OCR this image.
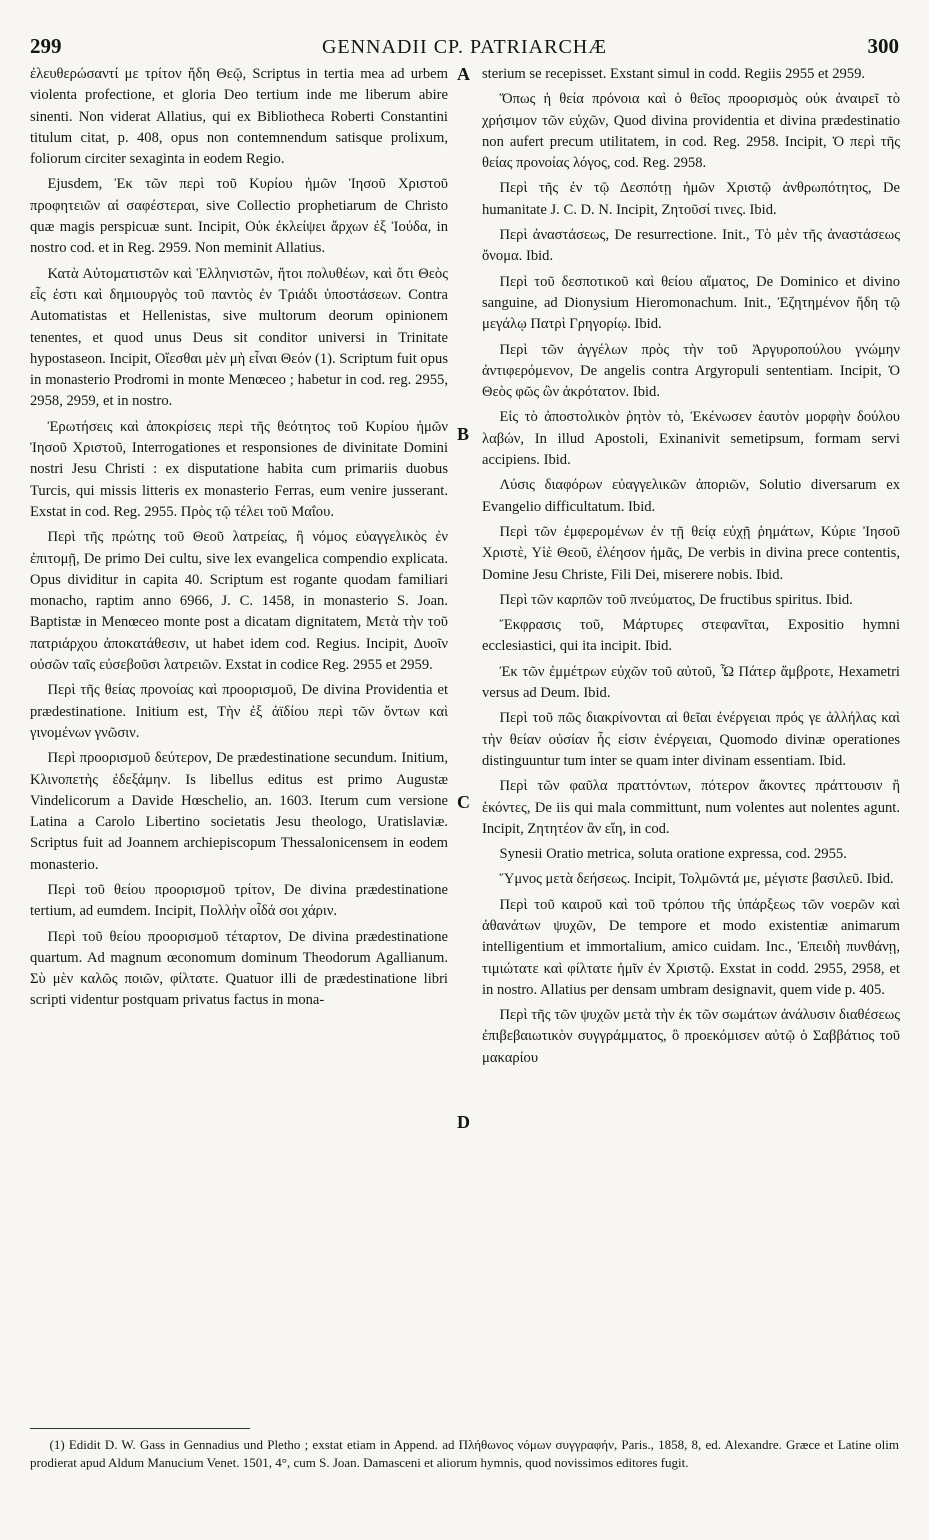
299	GENNADII CP. PATRIARCHÆ	300

ἐλευθερώσαντί με τρίτον ἤδη Θεῷ, Scriptus in tertia mea ad urbem violenta profectione, et gloria Deo tertium inde me liberum abire sinenti. Non viderat Allatius, qui ex Bibliotheca Roberti Constantini titulum citat, p. 408, opus non contemnendum satisque prolixum, foliorum circiter sexaginta in eodem Regio.

Ejusdem, Ἐκ τῶν περὶ τοῦ Κυρίου ἡμῶν Ἰησοῦ Χριστοῦ προφητειῶν αἱ σαφέστεραι, sive Collectio prophetiarum de Christo quæ magis perspicuæ sunt. Incipit, Οὐκ ἐκλείψει ἄρχων ἐξ Ἰούδα, in nostro cod. et in Reg. 2959. Non meminit Allatius.

Κατὰ Αὐτοματιστῶν καὶ Ἑλληνιστῶν, ἤτοι πολυθέων, καὶ ὅτι Θεὸς εἷς ἐστι καὶ δημιουργὸς τοῦ παντὸς ἐν Τριάδι ὑποστάσεων. Contra Automatistas et Hellenistas, sive multorum deorum opinionem tenentes, et quod unus Deus sit conditor universi in Trinitate hypostaseon. Incipit, Οἴεσθαι μὲν μὴ εἶναι Θεόν (1). Scriptum fuit opus in monasterio Prodromi in monte Menœceo ; habetur in cod. reg. 2955, 2958, 2959, et in nostro.

Ἐρωτήσεις καὶ ἀποκρίσεις περὶ τῆς θεότητος τοῦ Κυρίου ἡμῶν Ἰησοῦ Χριστοῦ, Interrogationes et responsiones de divinitate Domini nostri Jesu Christi : ex disputatione habita cum primariis duobus Turcis, qui missis litteris ex monasterio Ferras, eum venire jusserant. Exstat in cod. Reg. 2955. Πρὸς τῷ τέλει τοῦ Μαΐου.

Περὶ τῆς πρώτης τοῦ Θεοῦ λατρείας, ἢ νόμος εὐαγγελικὸς ἐν ἐπιτομῇ, De primo Dei cultu, sive lex evangelica compendio explicata. Opus dividitur in capita 40. Scriptum est rogante quodam familiari monacho, raptim anno 6966, J. C. 1458, in monasterio S. Joan. Baptistæ in Menœceo monte post a dicatam dignitatem, Μετὰ τὴν τοῦ πατριάρχου ἀποκατάθεσιν, ut habet idem cod. Regius. Incipit, Δυοῖν οὐσῶν ταῖς εὐσεβοῦσι λατρειῶν. Exstat in codice Reg. 2955 et 2959.

Περὶ τῆς θείας προνοίας καὶ προορισμοῦ, De divina Providentia et prædestinatione. Initium est, Τὴν ἐξ ἀϊδίου περὶ τῶν ὄντων καὶ γινομένων γνῶσιν.

Περὶ προορισμοῦ δεύτερον, De prædestinatione secundum. Initium, Κλινοπετὴς ἐδεξάμην. Is libellus editus est primo Augustæ Vindelicorum a Davide Hœschelio, an. 1603. Iterum cum versione Latina a Carolo Libertino societatis Jesu theologo, Uratislaviæ. Scriptus fuit ad Joannem archiepiscopum Thessalonicensem in eodem monasterio.

Περὶ τοῦ θείου προορισμοῦ τρίτον, De divina prædestinatione tertium, ad eumdem. Incipit, Πολλὴν οἶδά σοι χάριν.

Περὶ τοῦ θείου προορισμοῦ τέταρτον, De divina prædestinatione quartum. Ad magnum œconomum dominum Theodorum Agallianum. Σὺ μὲν καλῶς ποιῶν, φίλτατε. Quatuor illi de prædestinatione libri scripti videntur postquam privatus factus in mona-

A
B
C
D

sterium se recepisset. Exstant simul in codd. Regiis 2955 et 2959.

Ὅπως ἡ θεία πρόνοια καὶ ὁ θεῖος προορισμὸς οὐκ ἀναιρεῖ τὸ χρήσιμον τῶν εὐχῶν, Quod divina providentia et divina prædestinatio non aufert precum utilitatem, in cod. Reg. 2958. Incipit, Ὁ περὶ τῆς θείας προνοίας λόγος, cod. Reg. 2958.

Περὶ τῆς ἐν τῷ Δεσπότῃ ἡμῶν Χριστῷ ἀνθρωπότητος, De humanitate J. C. D. N. Incipit, Ζητοῦσί τινες. Ibid.

Περὶ ἀναστάσεως, De resurrectione. Init., Τὸ μὲν τῆς ἀναστάσεως ὄνομα. Ibid.

Περὶ τοῦ δεσποτικοῦ καὶ θείου αἵματος, De Dominico et divino sanguine, ad Dionysium Hieromonachum. Init., Ἐζητημένον ἤδη τῷ μεγάλῳ Πατρὶ Γρηγορίῳ. Ibid.

Περὶ τῶν ἀγγέλων πρὸς τὴν τοῦ Ἀργυροπούλου γνώμην ἀντιφερόμενον, De angelis contra Argyropuli sententiam. Incipit, Ὁ Θεὸς φῶς ὢν ἀκρότατον. Ibid.

Εἰς τὸ ἀποστολικὸν ῥητὸν τὸ, Ἐκένωσεν ἑαυτὸν μορφὴν δούλου λαβών, In illud Apostoli, Exinanivit semetipsum, formam servi accipiens. Ibid.

Λύσις διαφόρων εὐαγγελικῶν ἀποριῶν, Solutio diversarum ex Evangelio difficultatum. Ibid.

Περὶ τῶν ἐμφερομένων ἐν τῇ θείᾳ εὐχῇ ῥημάτων, Κύριε Ἰησοῦ Χριστὲ, Υἱὲ Θεοῦ, ἐλέησον ἡμᾶς, De verbis in divina prece contentis, Domine Jesu Christe, Fili Dei, miserere nobis. Ibid.

Περὶ τῶν καρπῶν τοῦ πνεύματος, De fructibus spiritus. Ibid.

Ἔκφρασις τοῦ, Μάρτυρες στεφανῖται, Expositio hymni ecclesiastici, qui ita incipit. Ibid.

Ἐκ τῶν ἐμμέτρων εὐχῶν τοῦ αὐτοῦ, Ὦ Πάτερ ἄμβροτε, Hexametri versus ad Deum. Ibid.

Περὶ τοῦ πῶς διακρίνονται αἱ θεῖαι ἐνέργειαι πρός γε ἀλλήλας καὶ τὴν θείαν οὐσίαν ἧς εἰσιν ἐνέργειαι, Quomodo divinæ operationes distinguuntur tum inter se quam inter divinam essentiam. Ibid.

Περὶ τῶν φαῦλα πραττόντων, πότερον ἄκοντες πράττουσιν ἢ ἑκόντες, De iis qui mala committunt, num volentes aut nolentes agunt. Incipit, Ζητητέον ἂν εἴη, in cod.

Synesii Oratio metrica, soluta oratione expressa, cod. 2955.

Ὕμνος μετὰ δεήσεως. Incipit, Τολμῶντά με, μέγιστε βασιλεῦ. Ibid.

Περὶ τοῦ καιροῦ καὶ τοῦ τρόπου τῆς ὑπάρξεως τῶν νοερῶν καὶ ἀθανάτων ψυχῶν, De tempore et modo existentiæ animarum intelligentium et immortalium, amico cuidam. Inc., Ἐπειδὴ πυνθάνῃ, τιμιώτατε καὶ φίλτατε ἡμῖν ἐν Χριστῷ. Exstat in codd. 2955, 2958, et in nostro. Allatius per densam umbram designavit, quem vide p. 405.

Περὶ τῆς τῶν ψυχῶν μετὰ τὴν ἐκ τῶν σωμάτων ἀνάλυσιν διαθέσεως ἐπιβεβαιωτικὸν συγγράμματος, ὃ προεκόμισεν αὐτῷ ὁ Σαββάτιος τοῦ μακαρίου

(1) Edidit D. W. Gass in Gennadius und Pletho ; exstat etiam in Append. ad Πλήθωνος νόμων συγγραφήν, Paris., 1858, 8, ed. Alexandre. Græce et Latine olim prodierat apud Aldum Manucium Venet. 1501, 4°, cum S. Joan. Damasceni et aliorum hymnis, quod novissimos editores fugit.
